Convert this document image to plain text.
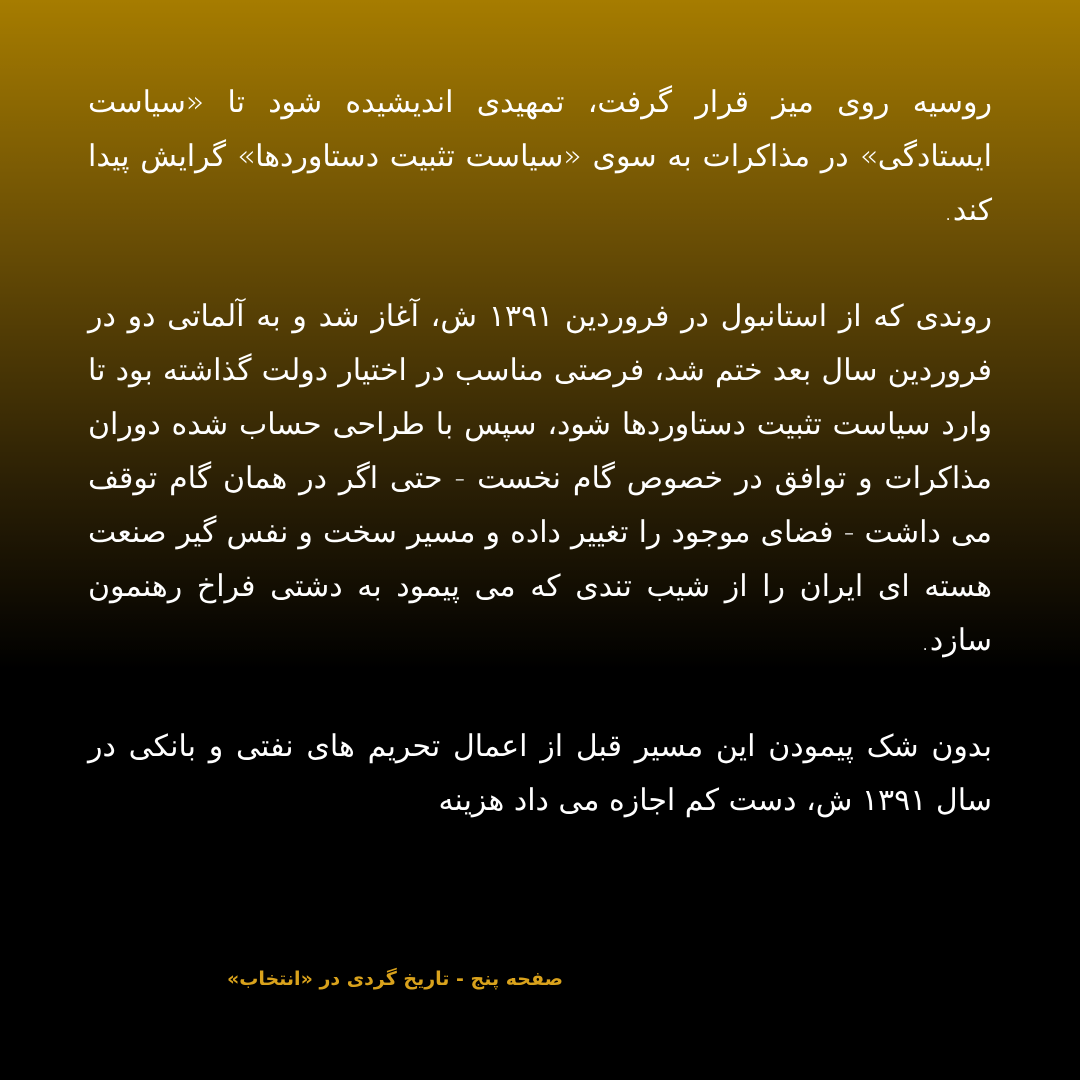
روسیه روی میز قرار گرفت، تمهیدی اندیشیده شود تا «سیاست ایستادگی» در مذاکرات به سوی «سیاست تثبیت دستاوردها» گرایش پیدا کند.

روندی که از استانبول در فروردین ۱۳۹۱ ش، آغاز شد و به آلماتی دو در فروردین سال بعد ختم شد، فرصتی مناسب در اختیار دولت گذاشته بود تا وارد سیاست تثبیت دستاوردها شود، سپس با طراحی حساب شده دوران مذاکرات و توافق در خصوص گام نخست - حتی اگر در همان گام توقف می داشت - فضای موجود را تغییر داده و مسیر سخت و نفس گیر صنعت هسته ای ایران را از شیب تندی که می پیمود به دشتی فراخ رهنمون سازد.

بدون شک پیمودن این مسیر قبل از اعمال تحریم های نفتی و بانکی در سال ۱۳۹۱ ش، دست کم اجازه می داد هزینه

صفحه پنج - تاریخ گردی در «انتخاب»
